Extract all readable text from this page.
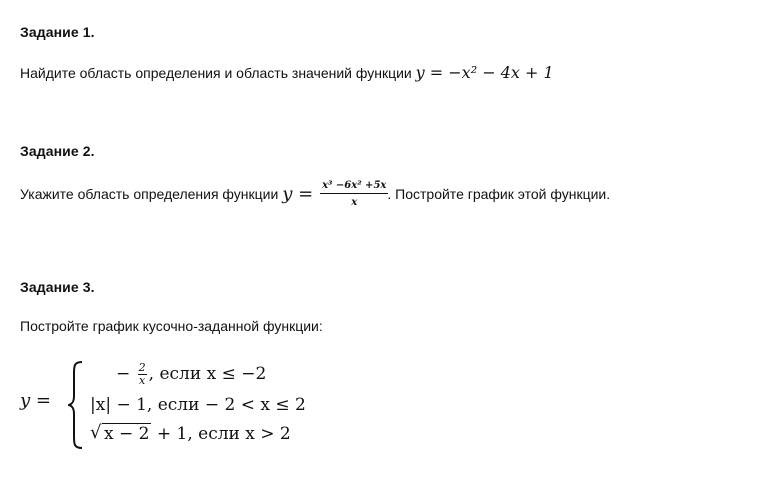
Задание 1.
Найдите область определения и область значений функции y = −x² − 4x + 1
Задание 2.
Укажите область определения функции $y = \frac{\text{x³ −6x² +5x}}{x}$ . Постройте график этой функции.
Задание 3.
Постройте график кусочно-заданной функции:
y =
− $\frac{2}{x}$ , если x ≤ −2
|x| − 1, если − 2 < x ≤ 2
√ x − 2 + 1, если x > 2
